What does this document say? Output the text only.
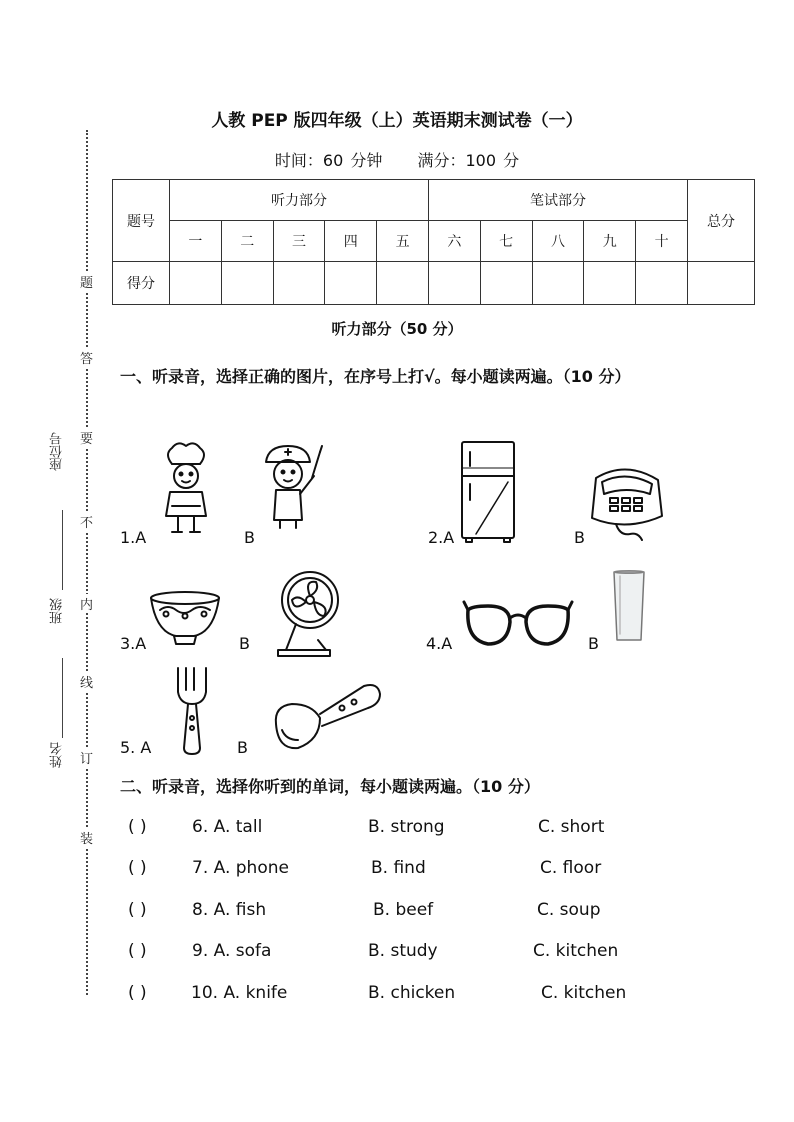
题
答
要
不
内
线
订
装
座位号
班级
姓名
人教 PEP 版四年级（上）英语期末测试卷（一）
时间：60 分钟 满分：100 分
题号	听力部分					笔试部分					总分
	一	二	三	四	五	六	七	八	九	十	
得分											
听力部分（50 分）
一、听录音，选择正确的图片，在序号上打√。每小题读两遍。（10 分）
1.A	B	2.A	B
3.A	B	4.A	B
5. A	B
二、听录音，选择你听到的单词，每小题读两遍。（10 分）
( )	6. A. tall	B. strong	C. short
( )	7. A. phone	B. find	C. floor
( )	8. A. fish	B. beef	C. soup
( )	9. A. sofa	B. study	C. kitchen
( )	10. A. knife	B. chicken	C. kitchen
